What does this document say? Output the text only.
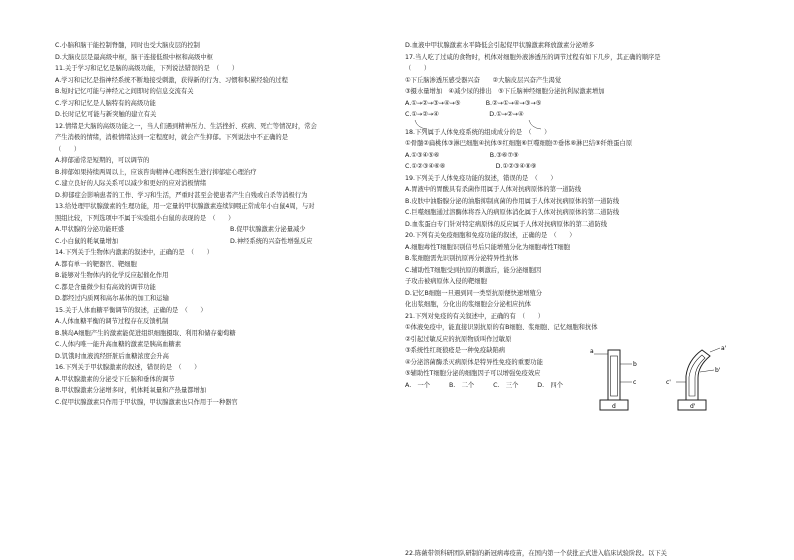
C.小脑和脑干能控制脊髓，同时也受大脑皮层的控制
D.大脑皮层是最高级中枢，脑干连接低级中枢和高级中枢
11.关于学习和记忆是脑的高级功能，下列说法错误的是　（　　）
A.学习和记忆是指神经系统不断地接受刺激，获得新的行为、习惯和积累经验的过程
B.短时记忆可能与神经元之间即时的信息交流有关
C.学习和记忆是人脑特有的高级功能
D.长时记忆可能与新突触的建立有关
12.情绪是大脑的高级功能之一，当人们遇到精神压力、生活挫折、疾病、死亡等情况时，常会
产生消极的情绪，消极情绪达到一定程度时，就会产生抑郁。下列说法中不正确的是
（　　）
A.抑郁通常是短期的，可以调节的
B.抑郁如果持续两周以上，应该咨询精神心理科医生进行抑郁症心理治疗
C.建立良好的人际关系可以减少和更好的应对消极情绪
D.抑郁症会影响患者的工作、学习和生活，严重时甚至会使患者产生自残或自杀等消极行为
13.给处理甲状腺激素的生理功能，用一定量的甲状腺激素连续饲喂正常成年小白鼠4周，与对
照组比较，下列选项中不属于实验组小白鼠的表现的是　（　　）
A.甲状腺的分泌功能旺盛	B.促甲状腺激素分泌量减少
C.小白鼠的耗氧量增加	D.神经系统的兴奋性增强反应
14.下列关于生物体内激素的叙述中，正确的是　（　　）
A.都有单一的靶器官、靶细胞
B.能够对生物体内的化学反应起催化作用
C.都是含量微少但有高效的调节功能
D.都经过内质网和高尔基体的加工和运输
15.关于人体血糖平衡调节的叙述，正确的是　（　　）
A.人体血糖平衡的调节过程存在反馈机制
B.胰岛A细胞产生的激素能促进组织细胞摄取、利用和储存葡萄糖
C.人体内唯一能升高血糖的激素是胰高血糖素
D.饥饿时血液流经肝脏后血糖浓度会升高
16.下列关于甲状腺激素的叙述，错误的是　（　　）
A.甲状腺激素的分泌受下丘脑和垂体的调节
B.甲状腺激素分泌增多时，机体耗氧量和产热量都增加
C.促甲状腺激素只作用于甲状腺，甲状腺激素也只作用于一种器官
D.血液中甲状腺激素水平降低会引起促甲状腺激素释放激素分泌增多
17.当人吃了过咸的食物时，机体对细胞外液渗透压的调节过程有如下几步，其正确的顺序是
（　　）
①下丘脑渗透压感受器兴奋　　②大脑皮层兴奋产生渴觉
③摄水量增加　④减少尿的排出　⑤下丘脑神经细胞分泌抗利尿激素增加
A.①→②→③→④→⑤　　　　B.②→①→④→③→⑤
C.①→②→④　　　　　　　　D.①→②→④
18.下列属于人体免疫系统的组成成分的是　（　　）
①骨髓②扁桃体③淋巴细胞④抗体⑤红细胞⑥巨噬细胞⑦垂体⑧淋巴结⑨纤维蛋白原
A.①③④⑤⑥　　　　　　　　B.③⑥⑦⑨
C.①②③④⑥⑧　　　　　　　　D.①②③④⑧⑨
19.下列关于人体免疫功能的叙述，错误的是　（　　）
A.胃液中的胃酸具有杀菌作用属于人体对抗病原体的第一道防线
B.皮肤中油脂腺分泌的油脂抑制真菌的作用属于人体对抗病原体的第一道防线
C.巨噬细胞通过溶酶体将吞入的病原体消化属于人体对抗病原体的第二道防线
D.血浆蛋白专门针对特定病原体的反应属于人体对抗病原体的第二道防线
20.下列有关免疫细胞和免疫功能的叙述，正确的是　（　　）
A.细胞毒性T细胞识别信号后只能增殖分化为细胞毒性T细胞
B.浆细胞需先识别抗原再分泌特异性抗体
C.辅助性T细胞受到抗原的刺激后，能分泌细胞因
子攻击被病原体入侵的靶细胞
D.记忆B细胞一旦遇到同一类型抗原便快速增殖分
化出浆细胞，分化出的浆细胞会分泌相应抗体
21.下列对免疫的有关叙述中，正确的有　（　　）
①体液免疫中，能直接识别抗原的有B细胞、浆细胞、记忆细胞和抗体
②引起过敏反应的抗原物质叫作过敏原
③系统性红斑狼疮是一种免疫缺陷病
④分泌溶菌酶杀灭病原体是特异性免疫的重要功能
⑤辅助性T细胞分泌的细胞因子可以增强免疫效应
A.　一个　　　B.　二个　　　C.　三个　　　D.　四个
a
b
c
d
a'
b'
c'
d'
22.陈薇带领科研团队研制的新冠病毒疫苗，在国内第一个获批正式进入临床试验阶段。以下关
